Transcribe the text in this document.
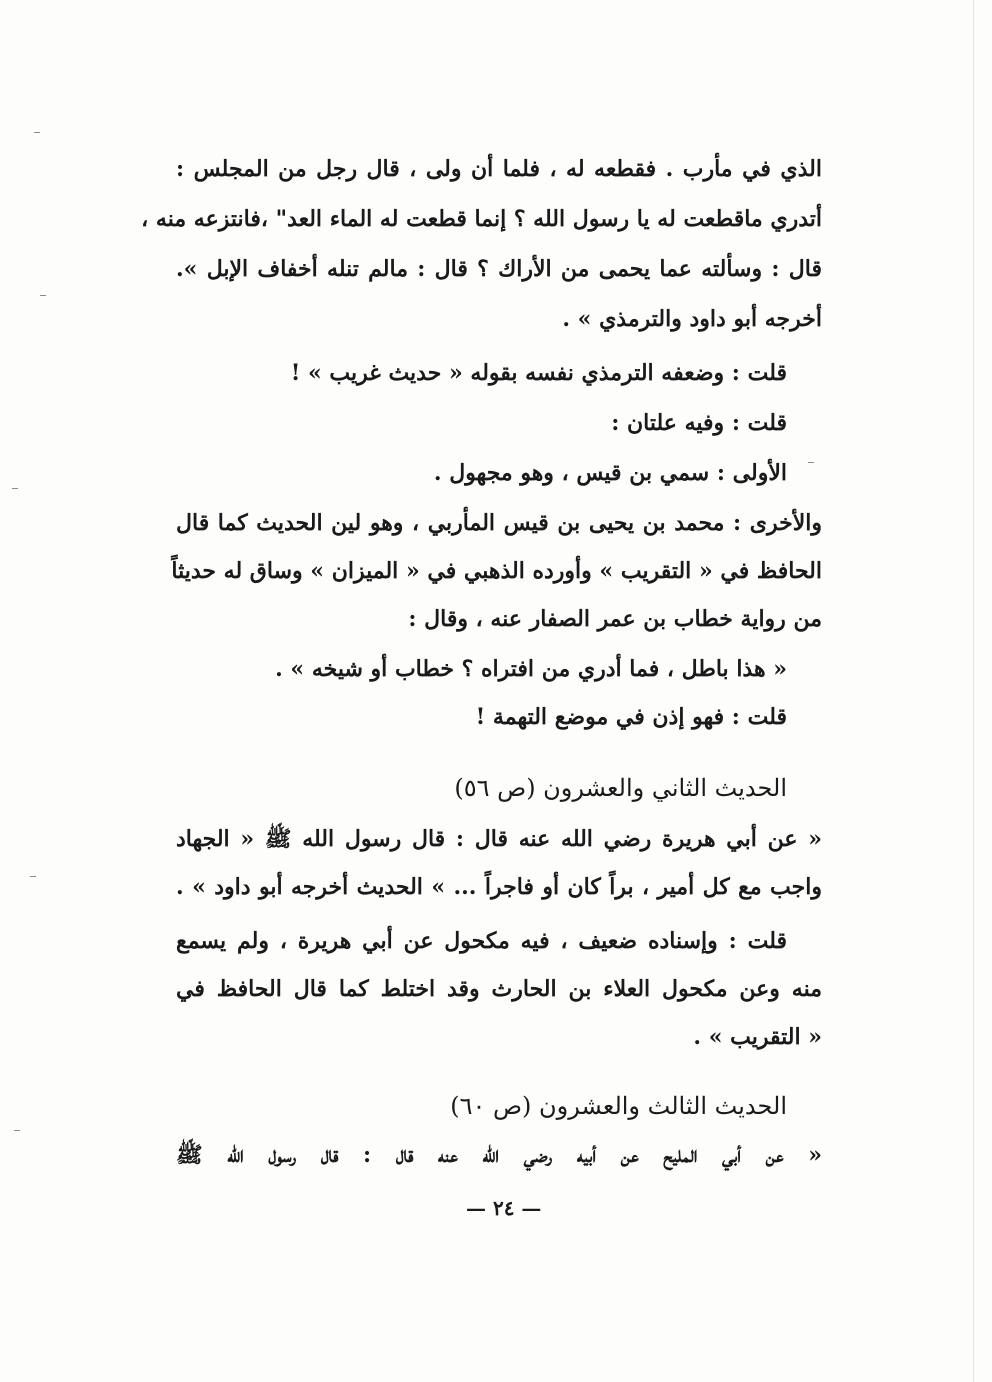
الذي في مأرب . فقطعه له ، فلما أن ولى ، قال رجل من المجلس :
أتدري ماقطعت له يا رسول الله ؟ إنما قطعت له الماء العد" ،فانتزعه منه ،
قال : وسألته عما يحمى من الأراك ؟ قال : مالم تنله أخفاف الإبل ».
أخرجه أبو داود والترمذي » .
قلت : وضعفه الترمذي نفسه بقوله « حديث غريب » !
قلت : وفيه علتان :
الأولى : سمي بن قيس ، وهو مجهول .
والأخرى : محمد بن يحيى بن قيس المأربي ، وهو لين الحديث كما قال
الحافظ في « التقريب » وأورده الذهبي في « الميزان » وساق له حديثاً
من رواية خطاب بن عمر الصفار عنه ، وقال :
« هذا باطل ، فما أدري من افتراه ؟ خطاب أو شيخه » .
قلت : فهو إذن في موضع التهمة !
الحديث الثاني والعشرون (ص ٥٦)
« عن أبي هريرة رضي الله عنه قال : قال رسول الله ﷺ « الجهاد
واجب مع كل أمير ، براً كان أو فاجراً ... » الحديث أخرجه أبو داود » .
قلت : وإسناده ضعيف ، فيه مكحول عن أبي هريرة ، ولم يسمع
منه وعن مكحول العلاء بن الحارث وقد اختلط كما قال الحافظ في
« التقريب » .
الحديث الثالث والعشرون (ص ٦٠)
« عن أبي المليح عن أبيه رضي الله عنه قال : قال رسول الله ﷺ
— ٢٤ —
